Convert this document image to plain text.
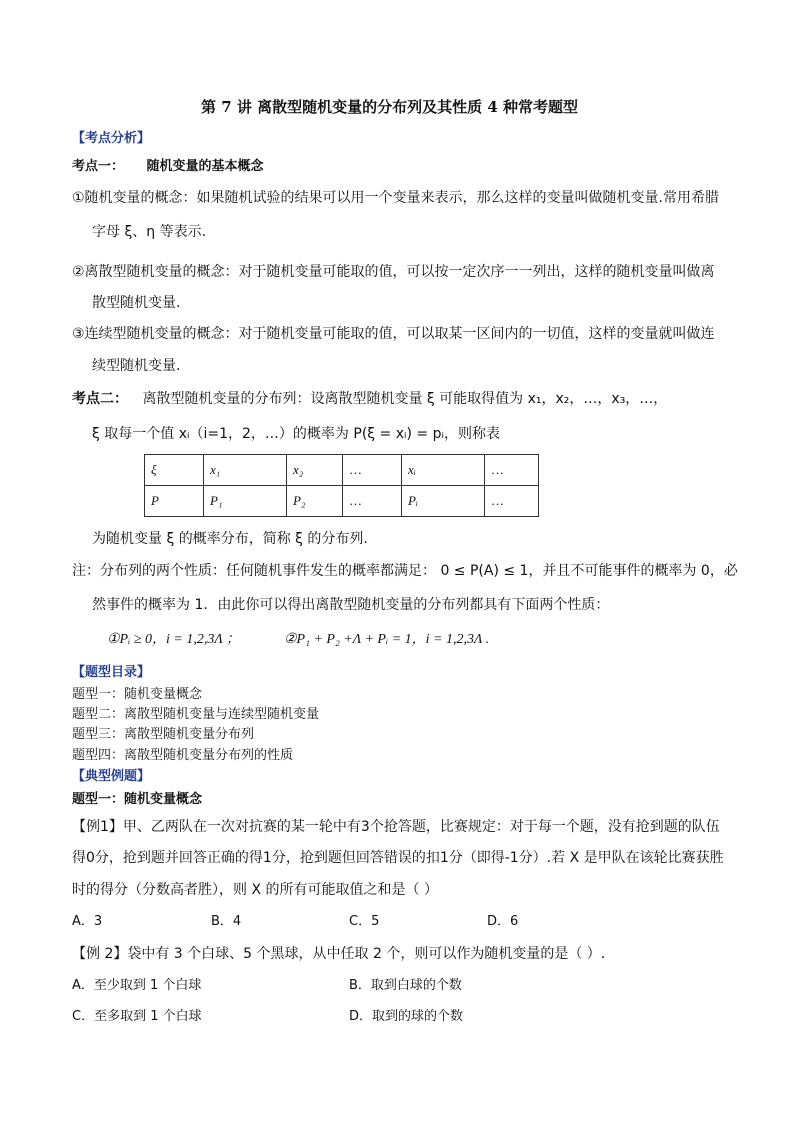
第 7 讲 离散型随机变量的分布列及其性质 4 种常考题型
【考点分析】
考点一： 随机变量的基本概念
①随机变量的概念：如果随机试验的结果可以用一个变量来表示，那么这样的变量叫做随机变量.常用希腊
字母 ξ、η 等表示.
②离散型随机变量的概念：对于随机变量可能取的值，可以按一定次序一一列出，这样的随机变量叫做离
散型随机变量.
③连续型随机变量的概念：对于随机变量可能取的值，可以取某一区间内的一切值，这样的变量就叫做连
续型随机变量.
考点二： 离散型随机变量的分布列：设离散型随机变量 ξ 可能取得值为 x₁，x₂，…，x₃，…，
ξ 取每一个值 xᵢ（i=1，2，…）的概率为 P(ξ = xᵢ) = pᵢ，则称表
ξ	x₁	x₂	…	xᵢ	…
P	P₁	P₂	…	Pᵢ	…
为随机变量 ξ 的概率分布，简称 ξ 的分布列.
注：分布列的两个性质：任何随机事件发生的概率都满足： 0 ≤ P(A) ≤ 1，并且不可能事件的概率为 0，必
然事件的概率为 1．由此你可以得出离散型随机变量的分布列都具有下面两个性质：
①Pᵢ ≥ 0，i = 1,2,3Λ ；	②P₁ + P₂ +Λ + Pᵢ = 1，i = 1,2,3Λ .
【题型目录】
题型一：随机变量概念
题型二：离散型随机变量与连续型随机变量
题型三：离散型随机变量分布列
题型四：离散型随机变量分布列的性质
【典型例题】
题型一：随机变量概念
【例1】甲、乙两队在一次对抗赛的某一轮中有3个抢答题，比赛规定：对于每一个题，没有抢到题的队伍
得0分，抢到题并回答正确的得1分，抢到题但回答错误的扣1分（即得-1分）.若 X 是甲队在该轮比赛获胜
时的得分（分数高者胜），则 X 的所有可能取值之和是（ ）
A．3	B．4	C．5	D．6
【例 2】袋中有 3 个白球、5 个黑球，从中任取 2 个，则可以作为随机变量的是（ ）.
A．至少取到 1 个白球	B．取到白球的个数
C．至多取到 1 个白球	D．取到的球的个数
